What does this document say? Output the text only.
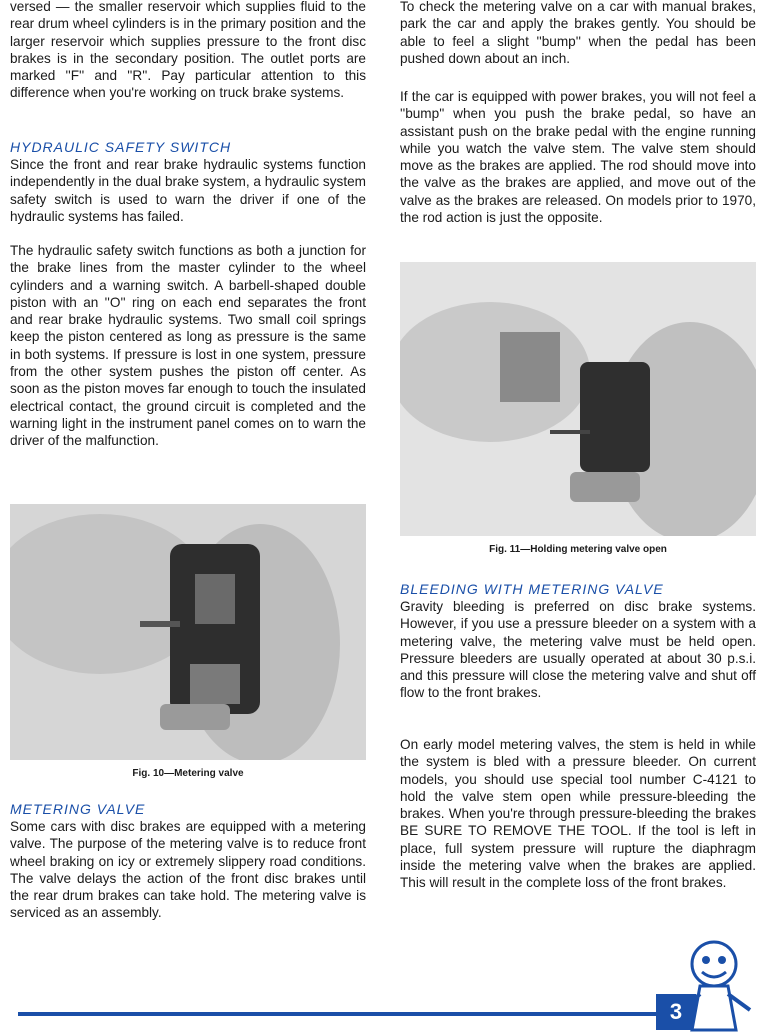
versed — the smaller reservoir which supplies fluid to the rear drum wheel cylinders is in the primary position and the larger reservoir which supplies pressure to the front disc brakes is in the secondary position. The outlet ports are marked ''F'' and ''R''. Pay particular attention to this difference when you're working on truck brake systems.

HYDRAULIC SAFETY SWITCH

Since the front and rear brake hydraulic systems function independently in the dual brake system, a hydraulic system safety switch is used to warn the driver if one of the hydraulic systems has failed.

The hydraulic safety switch functions as both a junction for the brake lines from the master cylinder to the wheel cylinders and a warning switch. A barbell-shaped double piston with an ''O'' ring on each end separates the front and rear brake hydraulic systems. Two small coil springs keep the piston centered as long as pressure is the same in both systems. If pressure is lost in one system, pressure from the other system pushes the piston off center. As soon as the piston moves far enough to touch the insulated electrical contact, the ground circuit is completed and the warning light in the instrument panel comes on to warn the driver of the malfunction.

Fig. 10—Metering valve
METERING VALVE

Some cars with disc brakes are equipped with a metering valve. The purpose of the metering valve is to reduce front wheel braking on icy or extremely slippery road conditions. The valve delays the action of the front disc brakes until the rear drum brakes can take hold. The metering valve is serviced as an assembly.

To check the metering valve on a car with manual brakes, park the car and apply the brakes gently. You should be able to feel a slight ''bump'' when the pedal has been pushed down about an inch.

If the car is equipped with power brakes, you will not feel a ''bump'' when you push the brake pedal, so have an assistant push on the brake pedal with the engine running while you watch the valve stem. The valve stem should move as the brakes are applied. The rod should move into the valve as the brakes are applied, and move out of the valve as the brakes are released. On models prior to 1970, the rod action is just the opposite.

Fig. 11—Holding metering valve open
BLEEDING WITH METERING VALVE

Gravity bleeding is preferred on disc brake systems. However, if you use a pressure bleeder on a system with a metering valve, the metering valve must be held open. Pressure bleeders are usually operated at about 30 p.s.i. and this pressure will close the metering valve and shut off flow to the front brakes.

On early model metering valves, the stem is held in while the system is bled with a pressure bleeder. On current models, you should use special tool number C-4121 to hold the valve stem open while pressure-bleeding the brakes. When you're through pressure-bleeding the brakes BE SURE TO REMOVE THE TOOL. If the tool is left in place, full system pressure will rupture the diaphragm inside the metering valve when the brakes are applied. This will result in the complete loss of the front brakes.

3
